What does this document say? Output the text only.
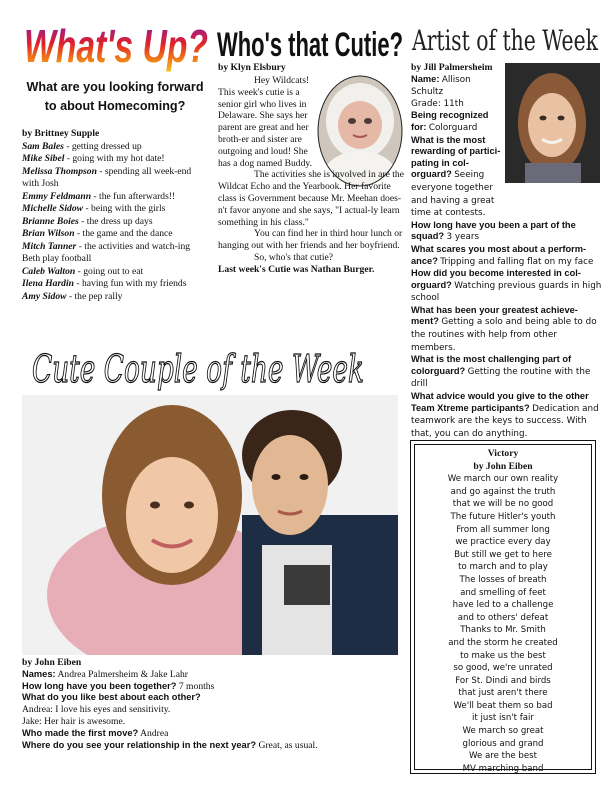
What's Up?
What are you looking forward to about Homecoming?
by Brittney Supple
Sam Bales - getting dressed up
Mike Sibel - going with my hot date!
Melissa Thompson - spending all week-end with Josh
Emmy Feldmann - the fun afterwards!!
Michelle Sidow - being with the girls
Brianne Boies - the dress up days
Brian Wilson - the game and the dance
Mitch Tanner - the activities and watch-ing Beth play football
Caleb Walton - going out to eat
Ilena Hardin - having fun with my friends
Amy Sidow - the pep rally
Who's that Cutie?
by Klyn Elsbury

Hey Wildcats!

This week's cutie is a senior girl who lives in Delaware. She says her parent are great and her broth-er and sister are outgoing and loud! She has a dog named Buddy.

The activities she is involved in are the Wildcat Echo and the Yearbook. Her favorite class is Government because Mr. Meehan does-n't favor anyone and she says, "I actual-ly learn something in his class."

You can find her in third hour lunch or hanging out with her friends and her boyfriend.

So, who's that cutie?

Last week's Cutie was Nathan Burger.

Artist of the Week
by Jill Palmersheim
Name: Allison Schultz
Grade: 11th
Being recognized for: Colorguard
What is the most rewarding of partici-pating in col-orguard? Seeing everyone together and having a great time at contests.
How long have you been a part of the squad? 3 years
What scares you most about a perform-ance? Tripping and falling flat on my face
How did you become interested in col-orguard? Watching previous guards in high school
What has been your greatest achieve-ment? Getting a solo and being able to do the routines with help from other members.
What is the most challenging part of colorguard? Getting the routine with the drill
What advice would you give to the other Team Xtreme participants? Dedication and teamwork are the keys to success. With that, you can do anything.
Cute Couple of the Week
by John Eiben
Names: Andrea Palmersheim & Jake Lahr
How long have you been together? 7 months
What do you like best about each other?
Andrea: I love his eyes and sensitivity.
Jake: Her hair is awesome.
Who made the first move? Andrea
Where do you see your relationship in the next year? Great, as usual.
Victory
by John Eiben
We march our own reality
and go against the truth
that we will be no good
The future Hitler's youth
From all summer long
we practice every day
But still we get to here
to march and to play
The losses of breath
and smelling of feet
have led to a challenge
and to others' defeat
Thanks to Mr. Smith
and the storm he created
to make us the best
so good, we're unrated
For St. Dindi and birds
that just aren't there
We'll beat them so bad
it just isn't fair
We march so great
glorious and grand
We are the best
MV marching band
